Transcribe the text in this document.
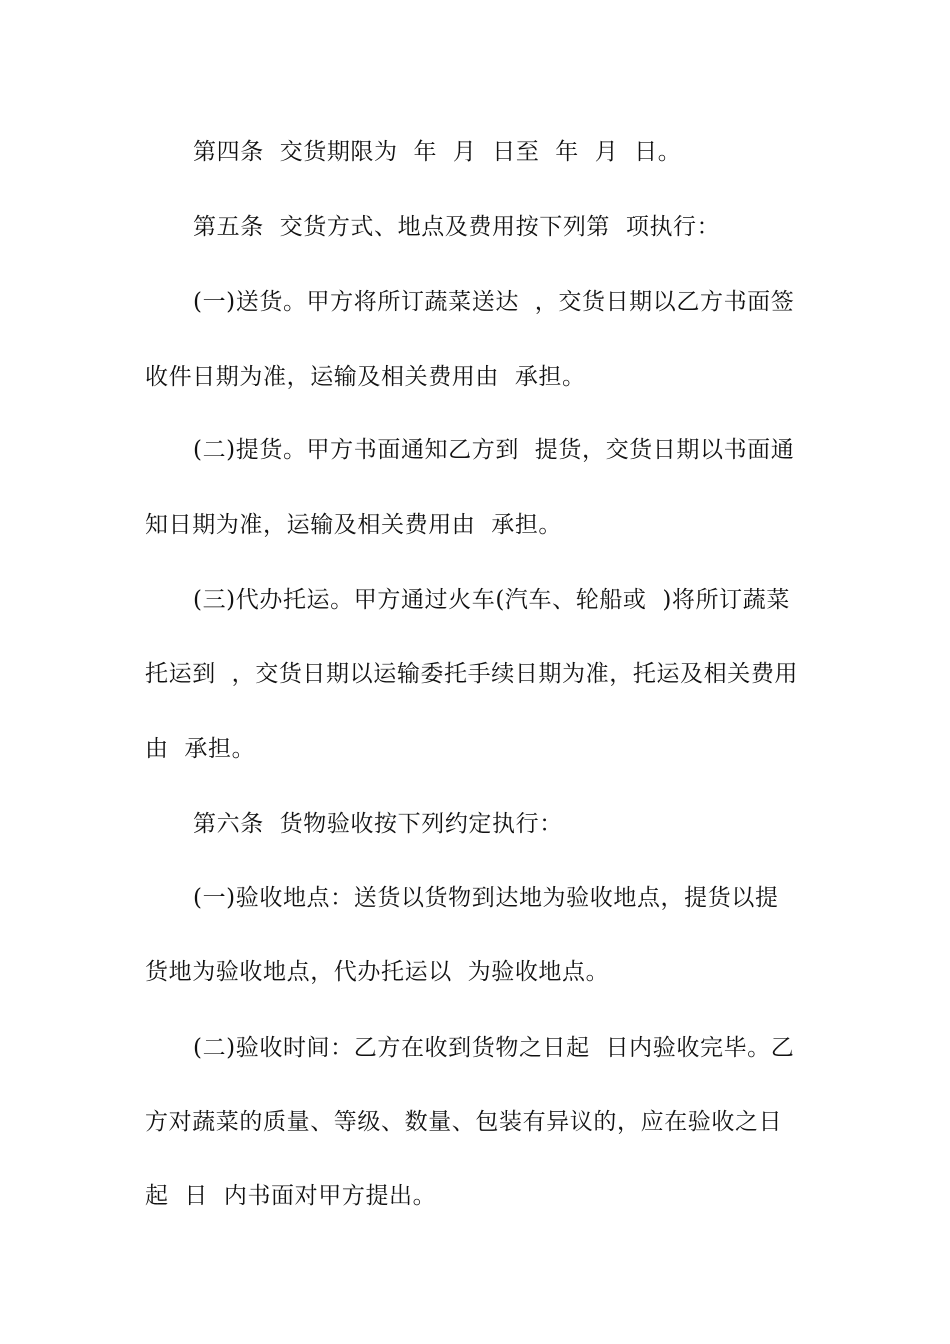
第四条  交货期限为  年  月  日至  年  月  日。
第五条  交货方式、地点及费用按下列第  项执行：
(一)送货。甲方将所订蔬菜送达  ，交货日期以乙方书面签
收件日期为准，运输及相关费用由  承担。
(二)提货。甲方书面通知乙方到  提货，交货日期以书面通
知日期为准，运输及相关费用由  承担。
(三)代办托运。甲方通过火车(汽车、轮船或  )将所订蔬菜
托运到  ，交货日期以运输委托手续日期为准，托运及相关费用
由  承担。
第六条  货物验收按下列约定执行：
(一)验收地点：送货以货物到达地为验收地点，提货以提
货地为验收地点，代办托运以  为验收地点。
(二)验收时间：乙方在收到货物之日起  日内验收完毕。乙
方对蔬菜的质量、等级、数量、包装有异议的，应在验收之日
起  日  内书面对甲方提出。
